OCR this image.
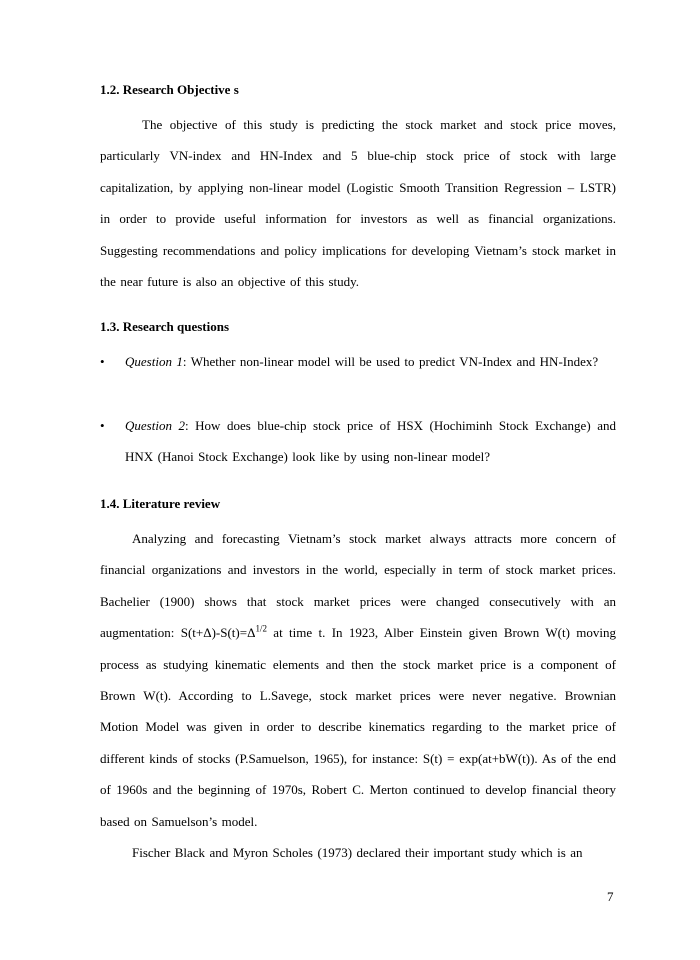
1.2. Research Objective s
The objective of this study is predicting the stock market and stock price moves, particularly VN-index and HN-Index and 5 blue-chip stock price of stock with large capitalization, by applying non-linear model (Logistic Smooth Transition Regression – LSTR) in order to provide useful information for investors as well as financial organizations. Suggesting recommendations and policy implications for developing Vietnam’s stock market in the near future is also an objective of this study.
1.3. Research questions
•	Question 1: Whether non-linear model will be used to predict VN-Index and HN-Index?
•	Question 2: How does blue-chip stock price of HSX (Hochiminh Stock Exchange) and HNX (Hanoi Stock Exchange) look like by using non-linear model?
1.4. Literature review
Analyzing and forecasting Vietnam’s stock market always attracts more concern of financial organizations and investors in the world, especially in term of stock market prices. Bachelier (1900) shows that stock market prices were changed consecutively with an augmentation: $S(t+\Delta)-S(t)=\Delta^{1/2}$ at time t. In 1923, Alber Einstein given Brown W(t) moving process as studying kinematic elements and then the stock market price is a component of Brown W(t). According to L.Savege, stock market prices were never negative. Brownian Motion Model was given in order to describe kinematics regarding to the market price of different kinds of stocks (P.Samuelson, 1965), for instance: S(t) = exp(at+bW(t)). As of the end of 1960s and the beginning of 1970s, Robert C. Merton continued to develop financial theory based on Samuelson’s model.
Fischer Black and Myron Scholes (1973) declared their important study which is an
7
